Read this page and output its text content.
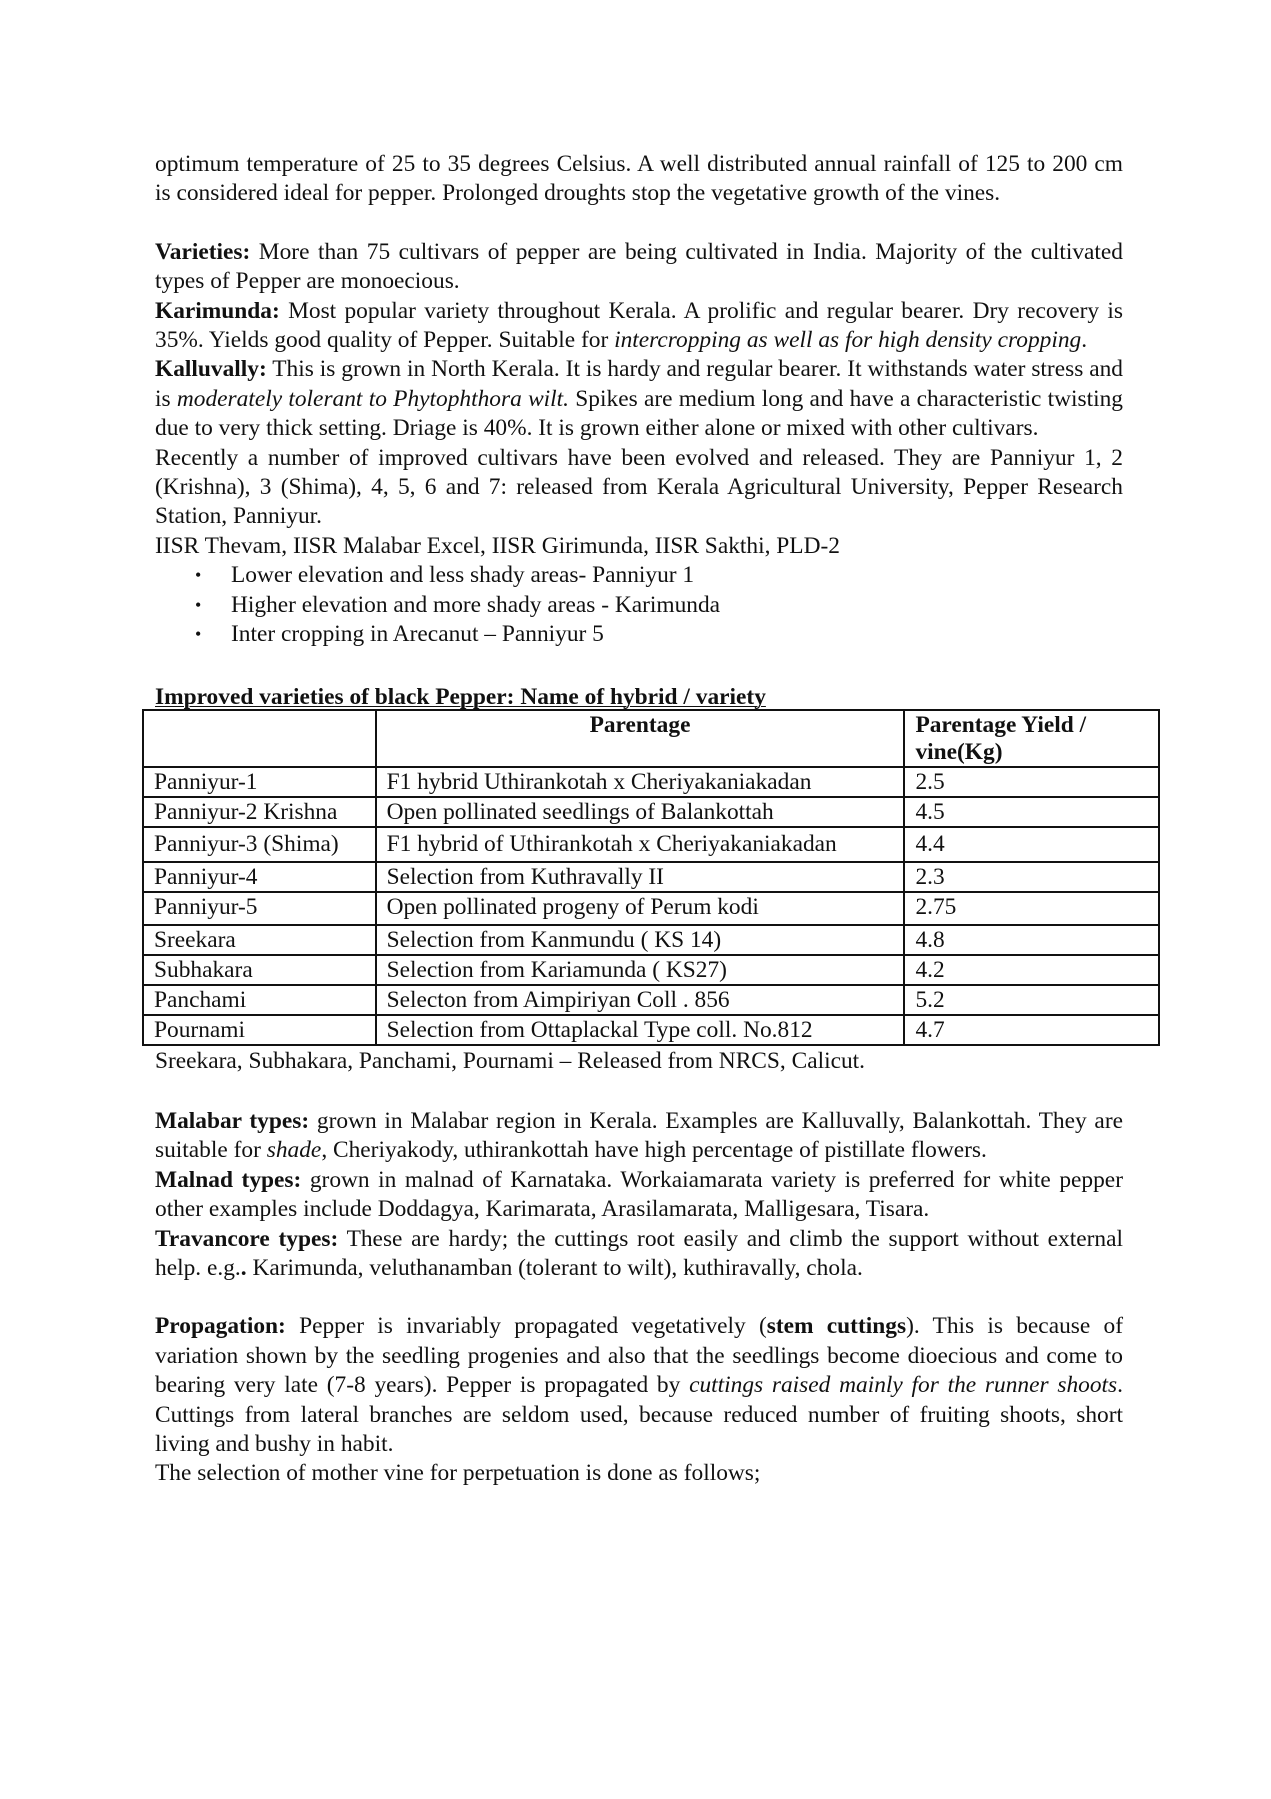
optimum temperature of 25 to 35 degrees Celsius. A well distributed annual rainfall of 125 to 200 cm is considered ideal for pepper. Prolonged droughts stop the vegetative growth of the vines.

Varieties: More than 75 cultivars of pepper are being cultivated in India. Majority of the cultivated types of Pepper are monoecious.

Karimunda: Most popular variety throughout Kerala. A prolific and regular bearer. Dry recovery is 35%. Yields good quality of Pepper. Suitable for intercropping as well as for high density cropping.

Kalluvally: This is grown in North Kerala. It is hardy and regular bearer. It withstands water stress and is moderately tolerant to Phytophthora wilt. Spikes are medium long and have a characteristic twisting due to very thick setting. Driage is 40%. It is grown either alone or mixed with other cultivars.

Recently a number of improved cultivars have been evolved and released. They are Panniyur 1, 2 (Krishna), 3 (Shima), 4, 5, 6 and 7: released from Kerala Agricultural University, Pepper Research Station, Panniyur.

IISR Thevam, IISR Malabar Excel, IISR Girimunda, IISR Sakthi, PLD-2

• Lower elevation and less shady areas- Panniyur 1
• Higher elevation and more shady areas - Karimunda
• Inter cropping in Arecanut – Panniyur 5
Improved varieties of black Pepper: Name of hybrid / variety
	Parentage	Parentage Yield / vine(Kg)
Panniyur-1	F1 hybrid Uthirankotah x Cheriyakaniakadan	2.5
Panniyur-2 Krishna	Open pollinated seedlings of Balankottah	4.5
Panniyur-3 (Shima)	F1 hybrid of Uthirankotah x Cheriyakaniakadan	4.4
Panniyur-4	Selection from Kuthravally II	2.3
Panniyur-5	Open pollinated progeny of Perum kodi	2.75
Sreekara	Selection from Kanmundu ( KS 14)	4.8
Subhakara	Selection from Kariamunda ( KS27)	4.2
Panchami	Selecton from Aimpiriyan Coll . 856	5.2
Pournami	Selection from Ottaplackal Type coll. No.812	4.7

Sreekara, Subhakara, Panchami, Pournami – Released from NRCS, Calicut.

Malabar types: grown in Malabar region in Kerala. Examples are Kalluvally, Balankottah. They are suitable for shade, Cheriyakody, uthirankottah have high percentage of pistillate flowers.

Malnad types: grown in malnad of Karnataka. Workaiamarata variety is preferred for white pepper other examples include Doddagya, Karimarata, Arasilamarata, Malligesara, Tisara.

Travancore types: These are hardy; the cuttings root easily and climb the support without external help. e.g.. Karimunda, veluthanamban (tolerant to wilt), kuthiravally, chola.

Propagation: Pepper is invariably propagated vegetatively (stem cuttings). This is because of variation shown by the seedling progenies and also that the seedlings become dioecious and come to bearing very late (7-8 years). Pepper is propagated by cuttings raised mainly for the runner shoots. Cuttings from lateral branches are seldom used, because reduced number of fruiting shoots, short living and bushy in habit.

The selection of mother vine for perpetuation is done as follows;
